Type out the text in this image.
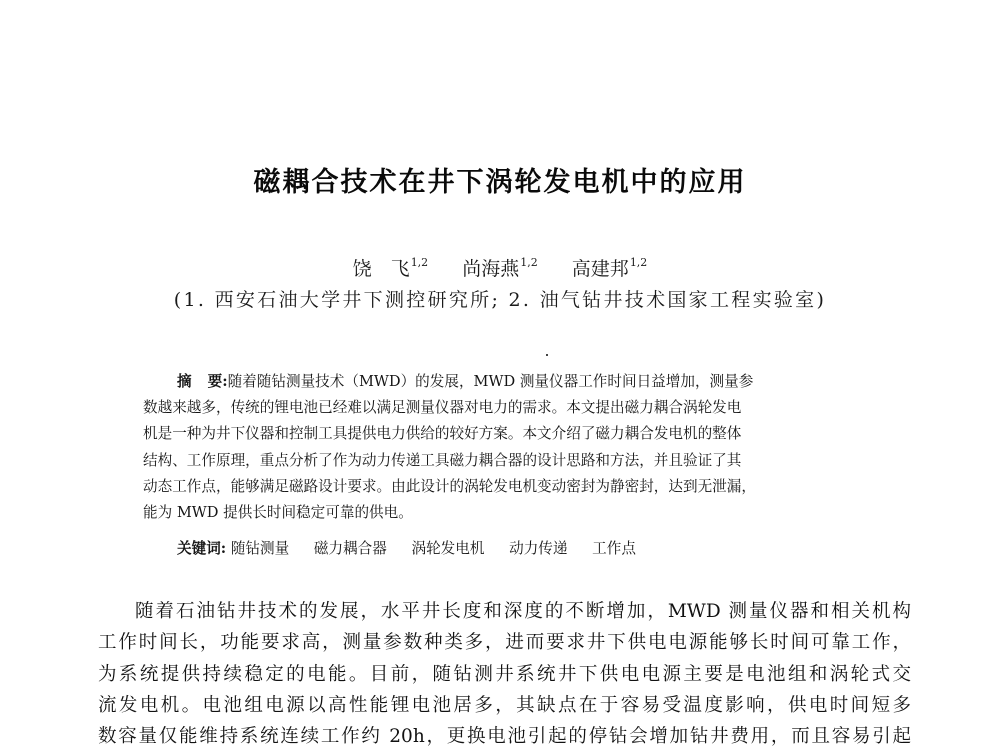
磁耦合技术在井下涡轮发电机中的应用
饶　飞$^{1,2}$ 尚海燕$^{1,2}$ 高建邦$^{1,2}$
(1. 西安石油大学井下测控研究所; 2. 油气钻井技术国家工程实验室)
摘 要:随着随钻测量技术（MWD）的发展，MWD 测量仪器工作时间日益增加，测量参
数越来越多，传统的锂电池已经难以满足测量仪器对电力的需求。本文提出磁力耦合涡轮发电
机是一种为井下仪器和控制工具提供电力供给的较好方案。本文介绍了磁力耦合发电机的整体
结构、工作原理，重点分析了作为动力传递工具磁力耦合器的设计思路和方法，并且验证了其
动态工作点，能够满足磁路设计要求。由此设计的涡轮发电机变动密封为静密封，达到无泄漏，
能为 MWD 提供长时间稳定可靠的供电。
关键词: 随钻测量 磁力耦合器 涡轮发电机 动力传递 工作点
随着石油钻井技术的发展，水平井长度和深度的不断增加，MWD 测量仪器和相关机构
工作时间长，功能要求高，测量参数种类多，进而要求井下供电电源能够长时间可靠工作，
为系统提供持续稳定的电能。目前，随钻测井系统井下供电电源主要是电池组和涡轮式交
流发电机。电池组电源以高性能锂电池居多，其缺点在于容易受温度影响，供电时间短多
数容量仅能维持系统连续工作约 20h，更换电池引起的停钻会增加钻井费用，而且容易引起
